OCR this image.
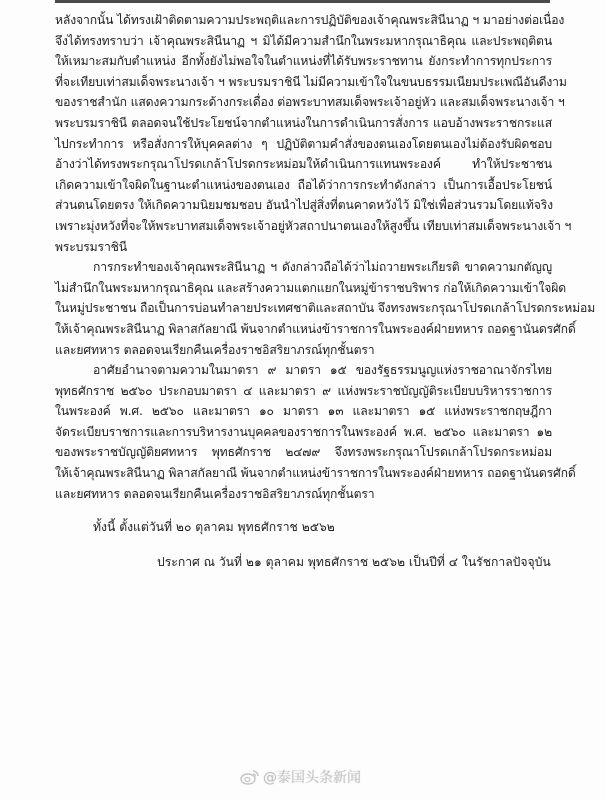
หลังจากนั้น ได้ทรงเฝ้าติดตามความประพฤติและการปฏิบัติของเจ้าคุณพระสินีนาฏ ฯ มาอย่างต่อเนื่อง
จึงได้ทรงทราบว่า เจ้าคุณพระสินีนาฏ ฯ มิได้มีความสำนึกในพระมหากรุณาธิคุณ และประพฤติตน
ให้เหมาะสมกับตำแหน่ง อีกทั้งยังไม่พอใจในตำแหน่งที่ได้รับพระราชทาน ยังกระทำการทุกประการ
ที่จะเทียบเท่าสมเด็จพระนางเจ้า ฯ พระบรมราชินี ไม่มีความเข้าใจในขนบธรรมเนียมประเพณีอันดีงาม
ของราชสำนัก แสดงความกระด้างกระเดื่อง ต่อพระบาทสมเด็จพระเจ้าอยู่หัว และสมเด็จพระนางเจ้า ฯ
พระบรมราชินี ตลอดจนใช้ประโยชน์จากตำแหน่งในการดำเนินการสั่งการ แอบอ้างพระราชกระแส
ไปกระทำการ หรือสั่งการให้บุคคลต่าง ๆ ปฏิบัติตามคำสั่งของตนเองโดยตนเองไม่ต้องรับผิดชอบ
อ้างว่าได้ทรงพระกรุณาโปรดเกล้าโปรดกระหม่อมให้ดำเนินการแทนพระองค์ ทำให้ประชาชน
เกิดความเข้าใจผิดในฐานะตำแหน่งของตนเอง ถือได้ว่าการกระทำดังกล่าว เป็นการเอื้อประโยชน์
ส่วนตนโดยตรง ให้เกิดความนิยมชมชอบ อันนำไปสู่สิ่งที่ตนคาดหวังไว้ มิใช่เพื่อส่วนรวมโดยแท้จริง
เพราะมุ่งหวังที่จะให้พระบาทสมเด็จพระเจ้าอยู่หัวสถาปนาตนเองให้สูงขึ้น เทียบเท่าสมเด็จพระนางเจ้า ฯ
พระบรมราชินี
การกระทำของเจ้าคุณพระสินีนาฏ ฯ ดังกล่าวถือได้ว่าไม่ถวายพระเกียรติ ขาดความกตัญญู
ไม่สำนึกในพระมหากรุณาธิคุณ และสร้างความแตกแยกในหมู่ข้าราชบริพาร ก่อให้เกิดความเข้าใจผิด
ในหมู่ประชาชน ถือเป็นการบ่อนทำลายประเทศชาติและสถาบัน จึงทรงพระกรุณาโปรดเกล้าโปรดกระหม่อม
ให้เจ้าคุณพระสินีนาฏ พิลาสกัลยาณี พ้นจากตำแหน่งข้าราชการในพระองค์ฝ่ายทหาร ถอดฐานันดรศักดิ์
และยศทหาร ตลอดจนเรียกคืนเครื่องราชอิสริยาภรณ์ทุกชั้นตรา
อาศัยอำนาจตามความในมาตรา ๙ มาตรา ๑๕ ของรัฐธรรมนูญแห่งราชอาณาจักรไทย
พุทธศักราช ๒๕๖๐ ประกอบมาตรา ๔ และมาตรา ๙ แห่งพระราชบัญญัติระเบียบบริหารราชการ
ในพระองค์ พ.ศ. ๒๕๖๐ และมาตรา ๑๐ มาตรา ๑๓ และมาตรา ๑๕ แห่งพระราชกฤษฎีกา
จัดระเบียบราชการและการบริหารงานบุคคลของราชการในพระองค์ พ.ศ. ๒๕๖๐ และมาตรา ๑๒
ของพระราชบัญญัติยศทหาร พุทธศักราช ๒๔๗๙ จึงทรงพระกรุณาโปรดเกล้าโปรดกระหม่อม
ให้เจ้าคุณพระสินีนาฏ พิลาสกัลยาณี พ้นจากตำแหน่งข้าราชการในพระองค์ฝ่ายทหาร ถอดฐานันดรศักดิ์
และยศทหาร ตลอดจนเรียกคืนเครื่องราชอิสริยาภรณ์ทุกชั้นตรา
ทั้งนี้ ตั้งแต่วันที่ ๒๐ ตุลาคม พุทธศักราช ๒๕๖๒
ประกาศ ณ วันที่ ๒๑ ตุลาคม พุทธศักราช ๒๕๖๒ เป็นปีที่ ๔ ในรัชกาลปัจจุบัน
@泰国头条新闻
